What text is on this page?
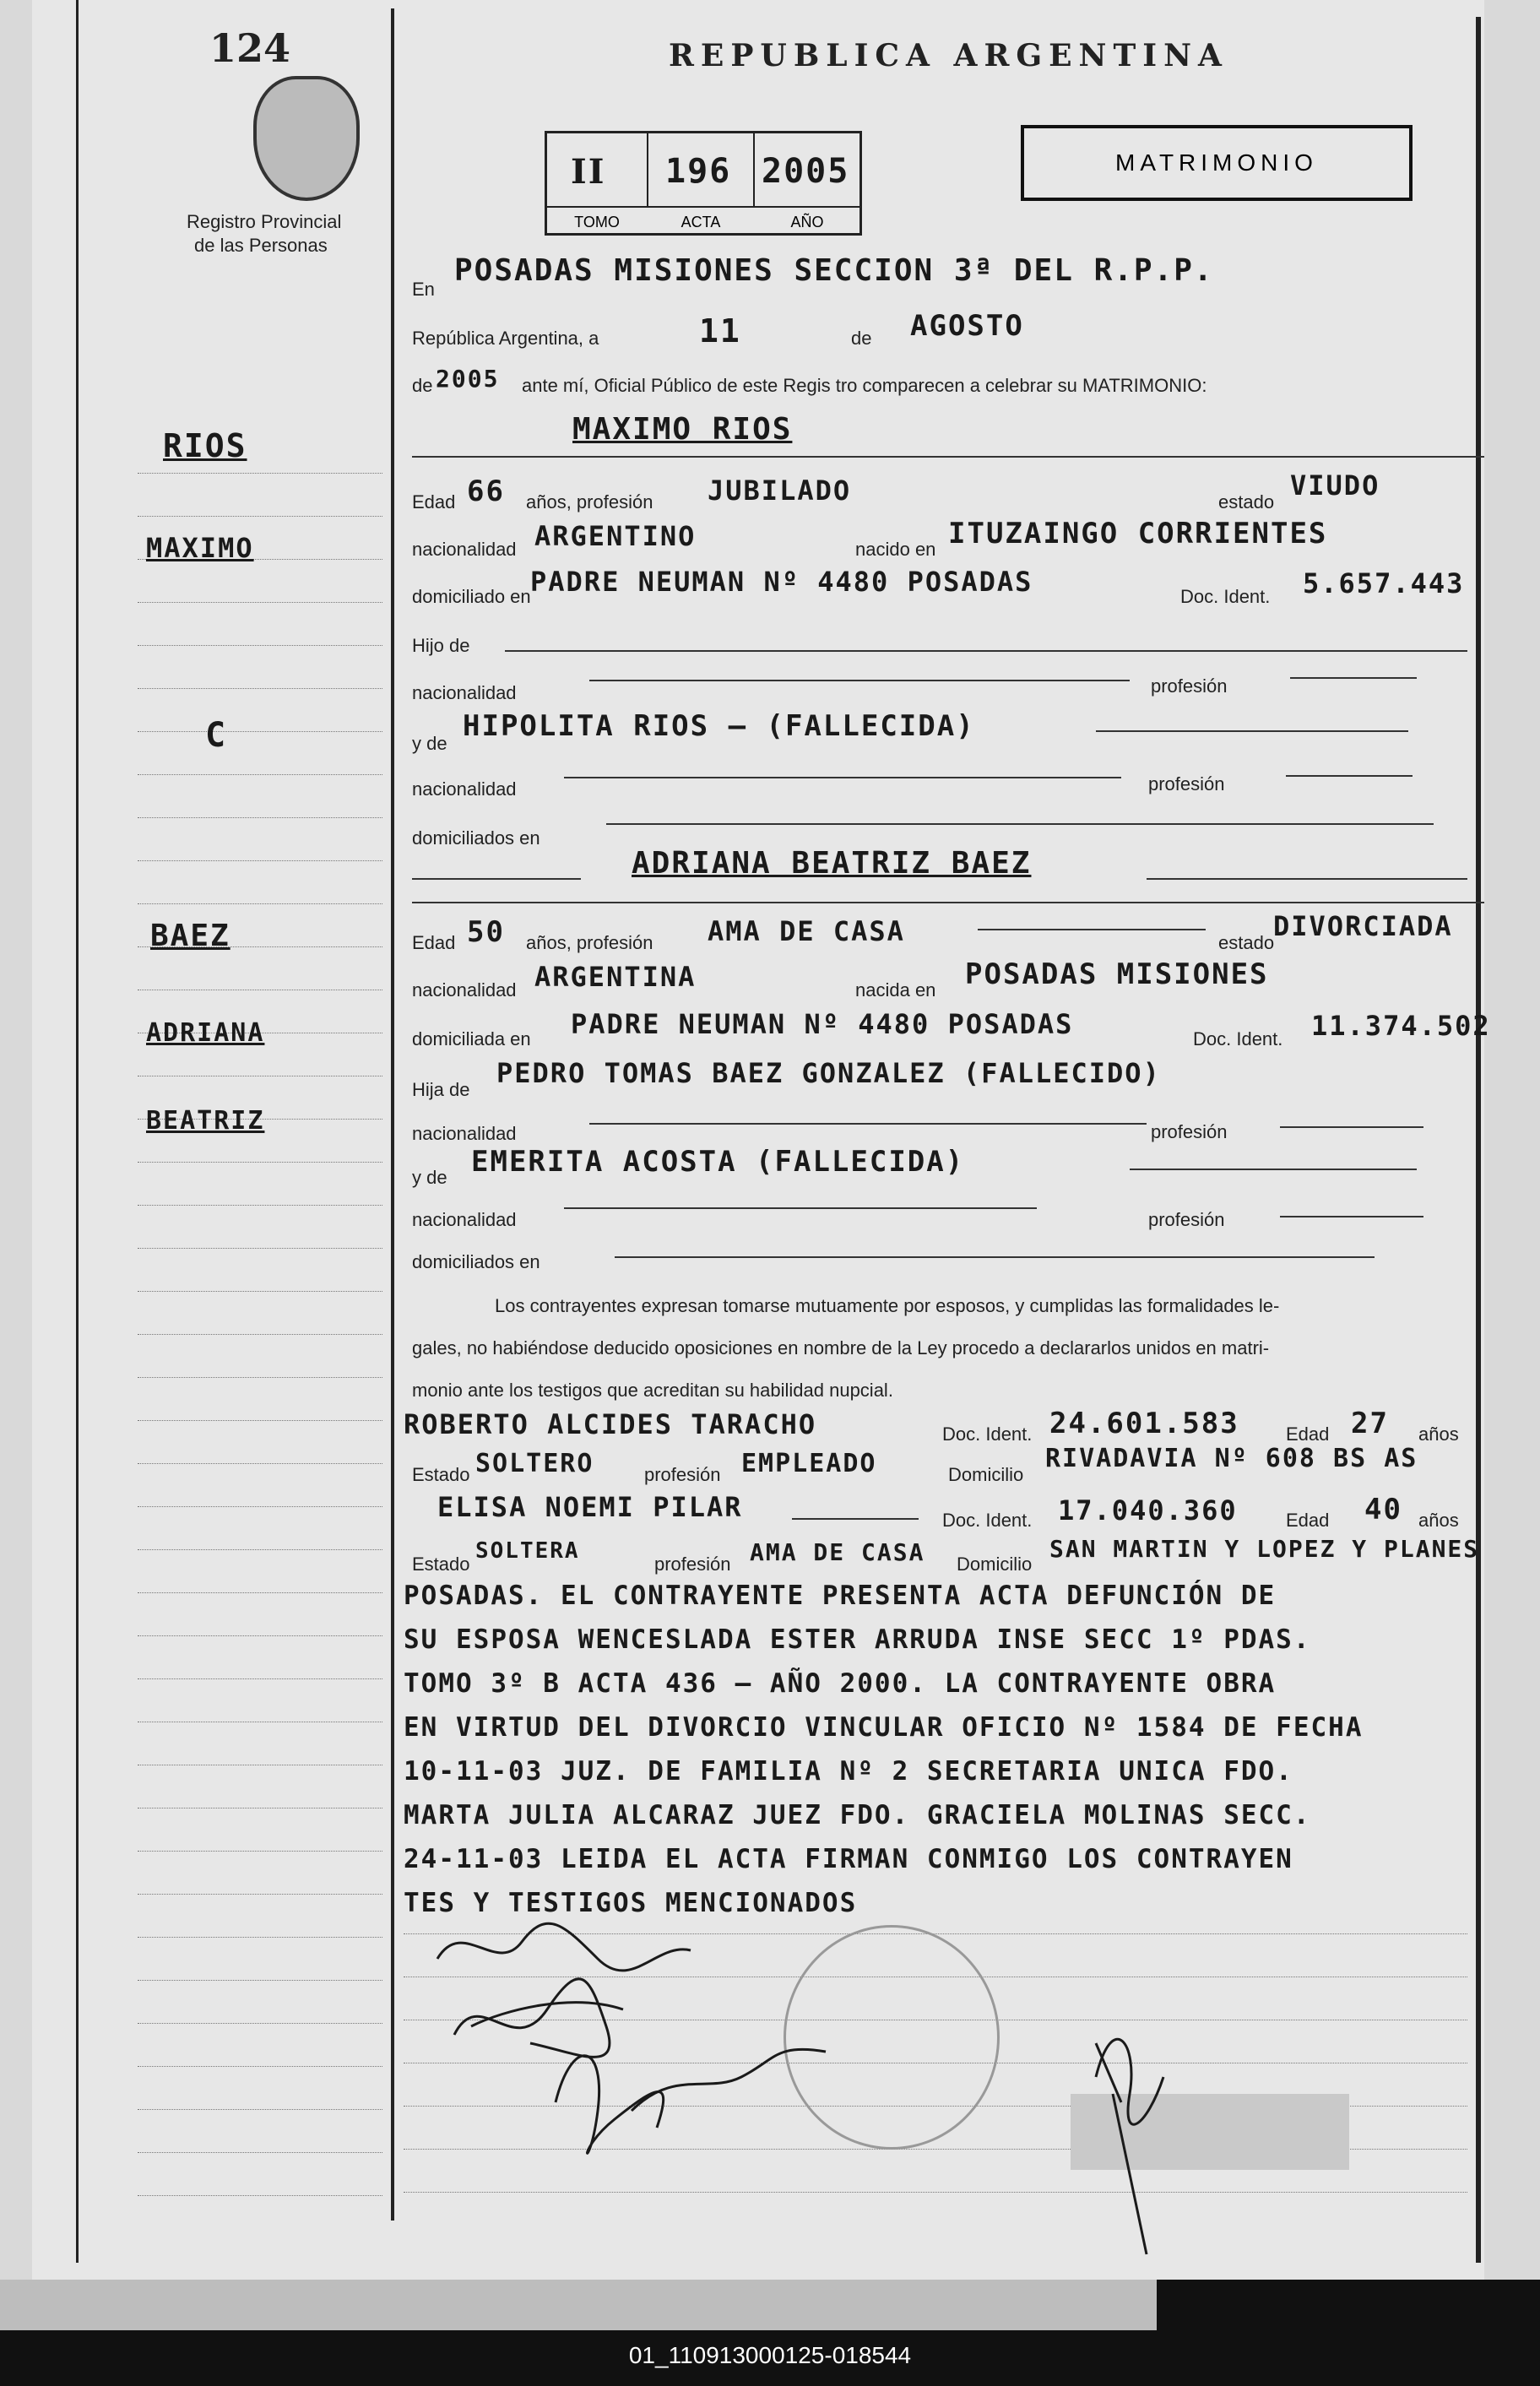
124
Registro Provincial
de las Personas
REPUBLICA ARGENTINA
II
TOMO
196
ACTA
2005
AÑO
MATRIMONIO
En
POSADAS MISIONES SECCION 3ª DEL R.P.P.
República Argentina, a	11	de AGOSTO
de 2005 ante mí, Oficial Público de este Regis tro comparecen a celebrar su MATRIMONIO:
MAXIMO RIOS
Edad 66 años, profesión JUBILADO	estado
VIUDO
nacionalidad ARGENTINO	nacido en ITUZAINGO CORRIENTES
domiciliado en PADRE NEUMAN Nº 4480 POSADAS	Doc. Ident. 5.657.443
Hijo de
nacionalidad	profesión
y de
HIPOLITA RIOS — (FALLECIDA)
nacionalidad	profesión
domiciliados en
ADRIANA BEATRIZ BAEZ
Edad 50 años, profesión AMA DE CASA	estado
DIVORCIADA
nacionalidad ARGENTINA	nacida en POSADAS MISIONES
domiciliada en PADRE NEUMAN Nº 4480 POSADAS	Doc. Ident. 11.374.502
Hija de
PEDRO TOMAS BAEZ GONZALEZ (FALLECIDO)
nacionalidad	profesión
y de EMERITA ACOSTA (FALLECIDA)
nacionalidad	profesión
domiciliados en
Los contrayentes expresan tomarse mutuamente por esposos, y cumplidas las formalidades le-
gales, no habiéndose deducido oposiciones en nombre de la Ley procedo a declararlos unidos en matri-
monio ante los testigos que acreditan su habilidad nupcial.
ROBERTO ALCIDES TARACHO	Doc. Ident. 24.601.583	Edad 27 años
Estado SOLTERO	profesión EMPLEADO	Domicilio
RIVADAVIA Nº 608 BS AS
ELISA NOEMI PILAR	Doc. Ident. 17.040.360	Edad 40 años
Estado
SOLTERA
profesión AMA DE CASA Domicilio
SAN MARTIN Y LOPEZ Y PLANES
POSADAS. EL CONTRAYENTE PRESENTA ACTA DEFUNCIÓN DE
SU ESPOSA WENCESLADA ESTER ARRUDA INSE SECC 1º PDAS.
TOMO 3º B ACTA 436 — AÑO 2000. LA CONTRAYENTE OBRA
EN VIRTUD DEL DIVORCIO VINCULAR OFICIO Nº 1584 DE FECHA
10-11-03 JUZ. DE FAMILIA Nº 2 SECRETARIA UNICA FDO.
MARTA JULIA ALCARAZ JUEZ FDO. GRACIELA MOLINAS SECC.
24-11-03 LEIDA EL ACTA FIRMAN CONMIGO LOS CONTRAYEN
TES Y TESTIGOS MENCIONADOS
RIOS
MAXIMO
C
BAEZ
ADRIANA
BEATRIZ
01_110913000125-018544
